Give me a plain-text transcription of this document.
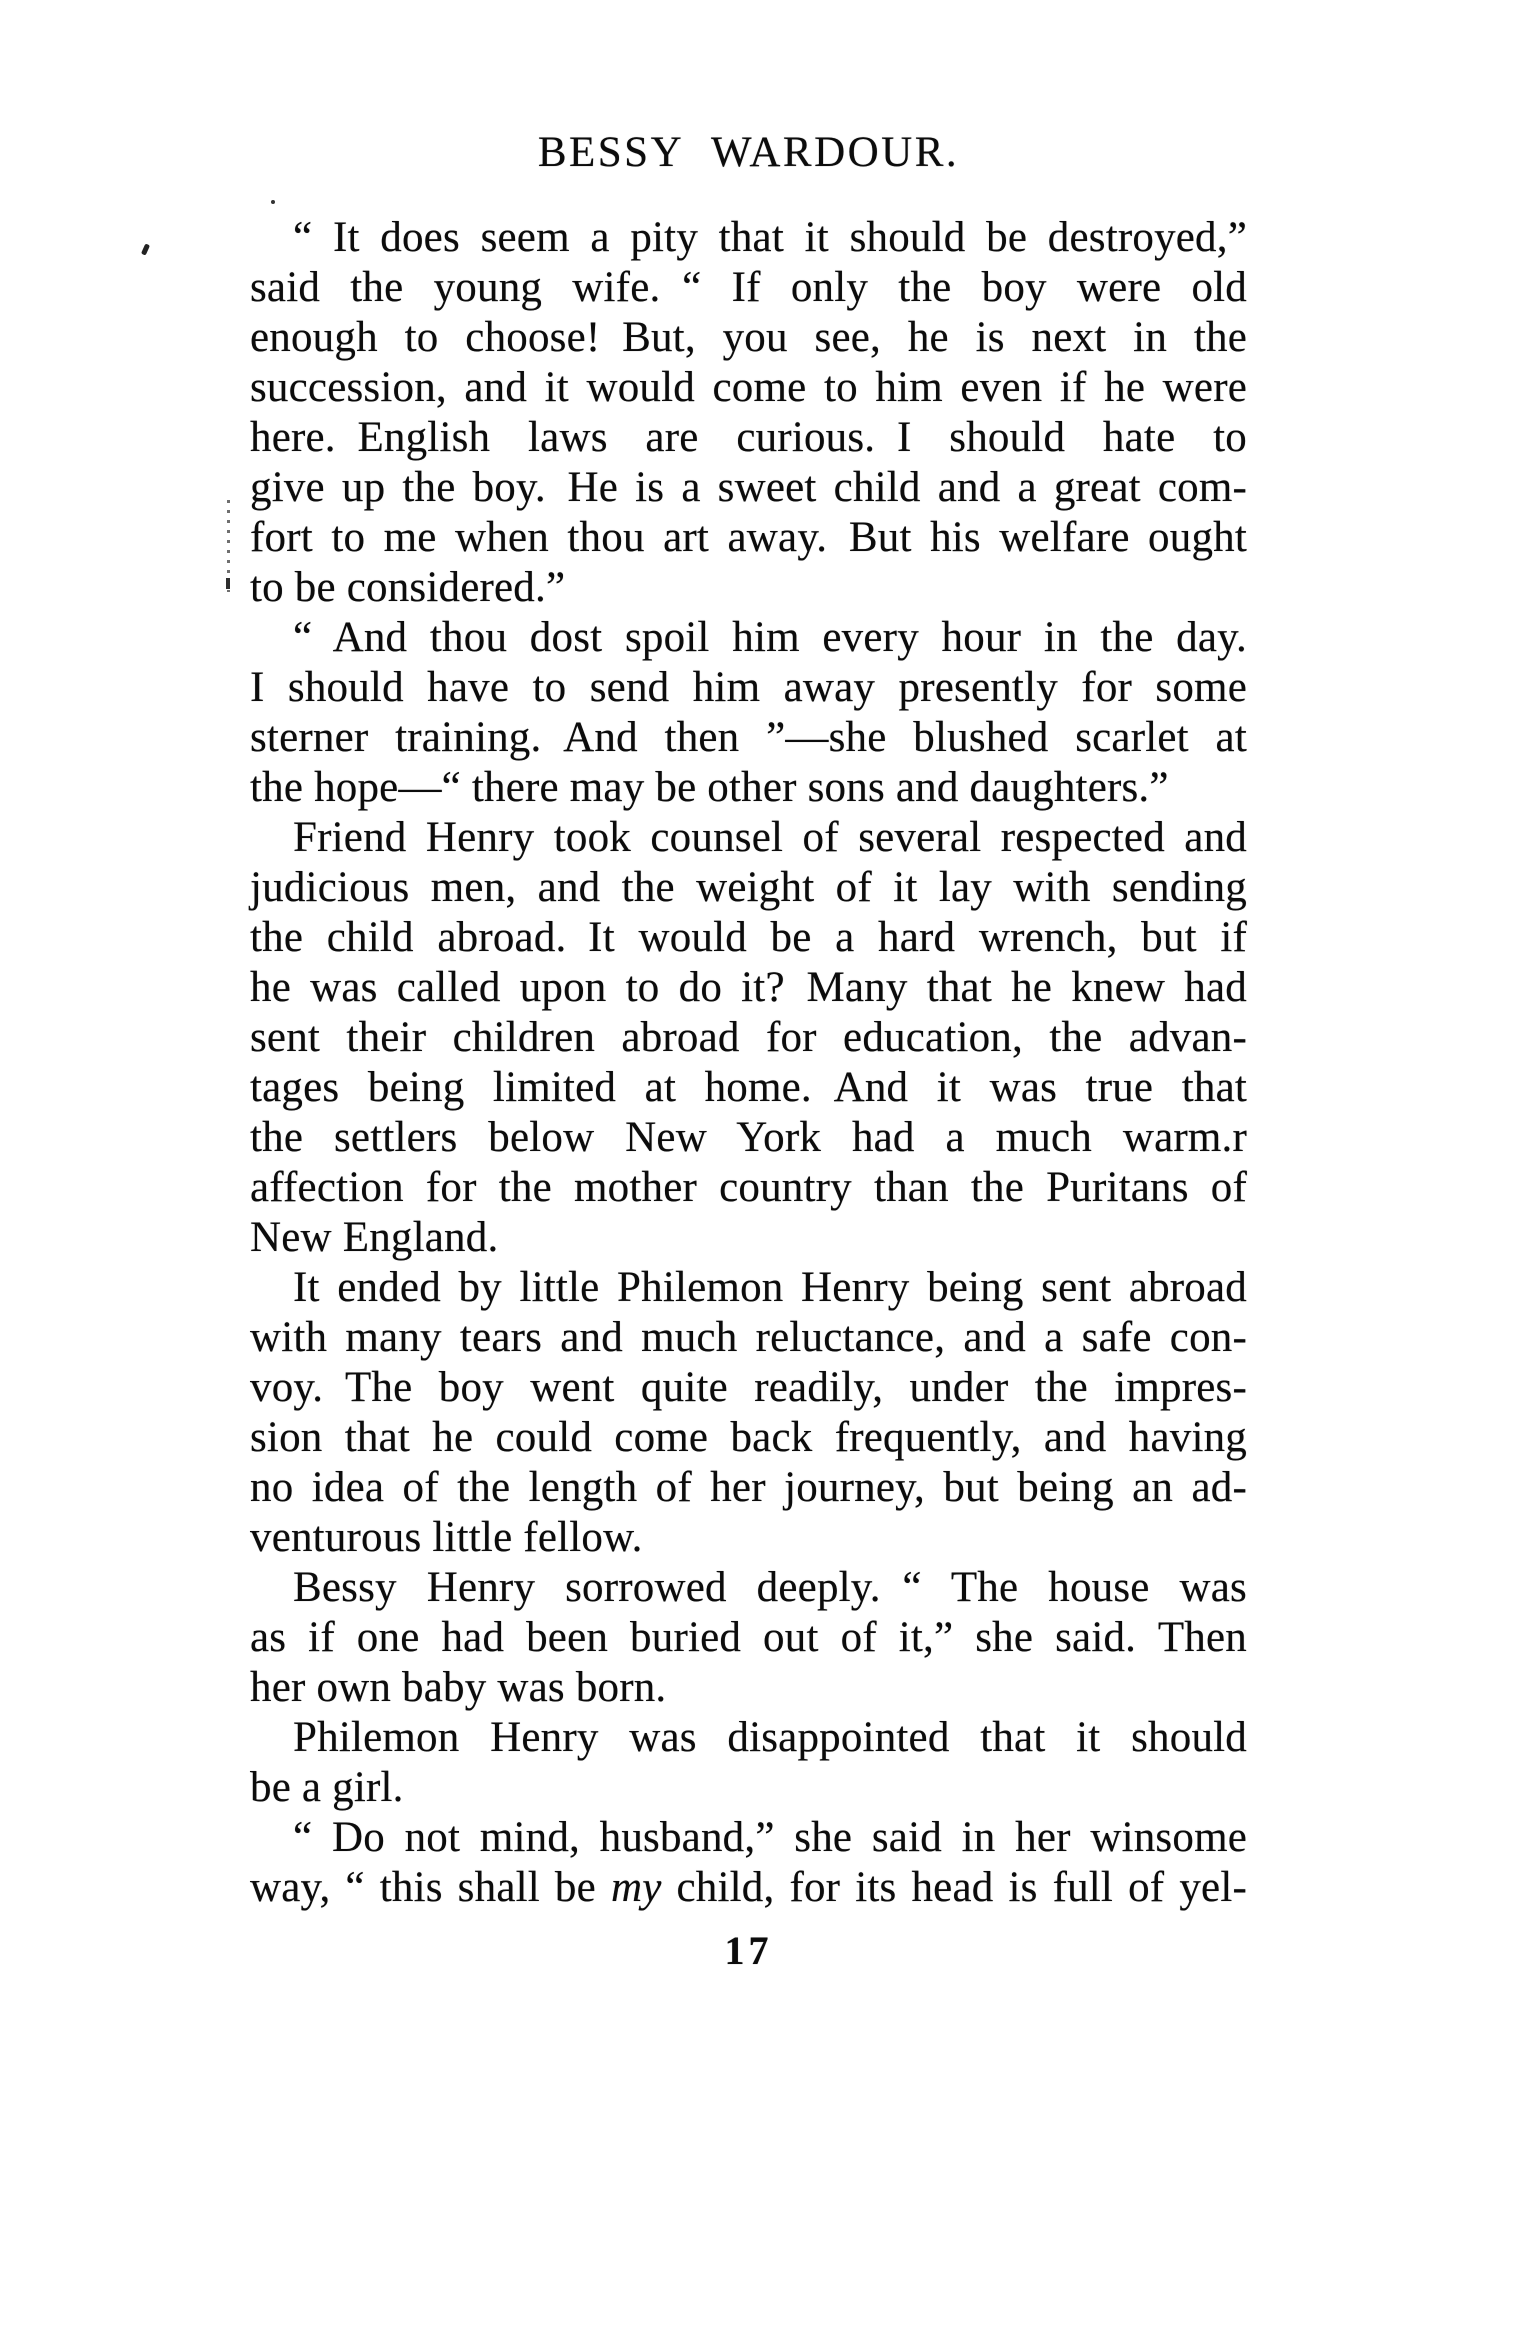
BESSY WARDOUR.
“ It does seem a pity that it should be destroyed,”
said the young wife. “ If only the boy were old
enough to choose! But, you see, he is next in the
succession, and it would come to him even if he were
here. English laws are curious. I should hate to
give up the boy. He is a sweet child and a great com-
fort to me when thou art away. But his welfare ought
to be considered.”
“ And thou dost spoil him every hour in the day.
I should have to send him away presently for some
sterner training. And then ”—she blushed scarlet at
the hope—“ there may be other sons and daughters.”
Friend Henry took counsel of several respected and
judicious men, and the weight of it lay with sending
the child abroad. It would be a hard wrench, but if
he was called upon to do it? Many that he knew had
sent their children abroad for education, the advan-
tages being limited at home. And it was true that
the settlers below New York had a much warm.r
affection for the mother country than the Puritans of
New England.
It ended by little Philemon Henry being sent abroad
with many tears and much reluctance, and a safe con-
voy. The boy went quite readily, under the impres-
sion that he could come back frequently, and having
no idea of the length of her journey, but being an ad-
venturous little fellow.
Bessy Henry sorrowed deeply. “ The house was
as if one had been buried out of it,” she said. Then
her own baby was born.
Philemon Henry was disappointed that it should
be a girl.
“ Do not mind, husband,” she said in her winsome
way, “ this shall be my child, for its head is full of yel-
17
